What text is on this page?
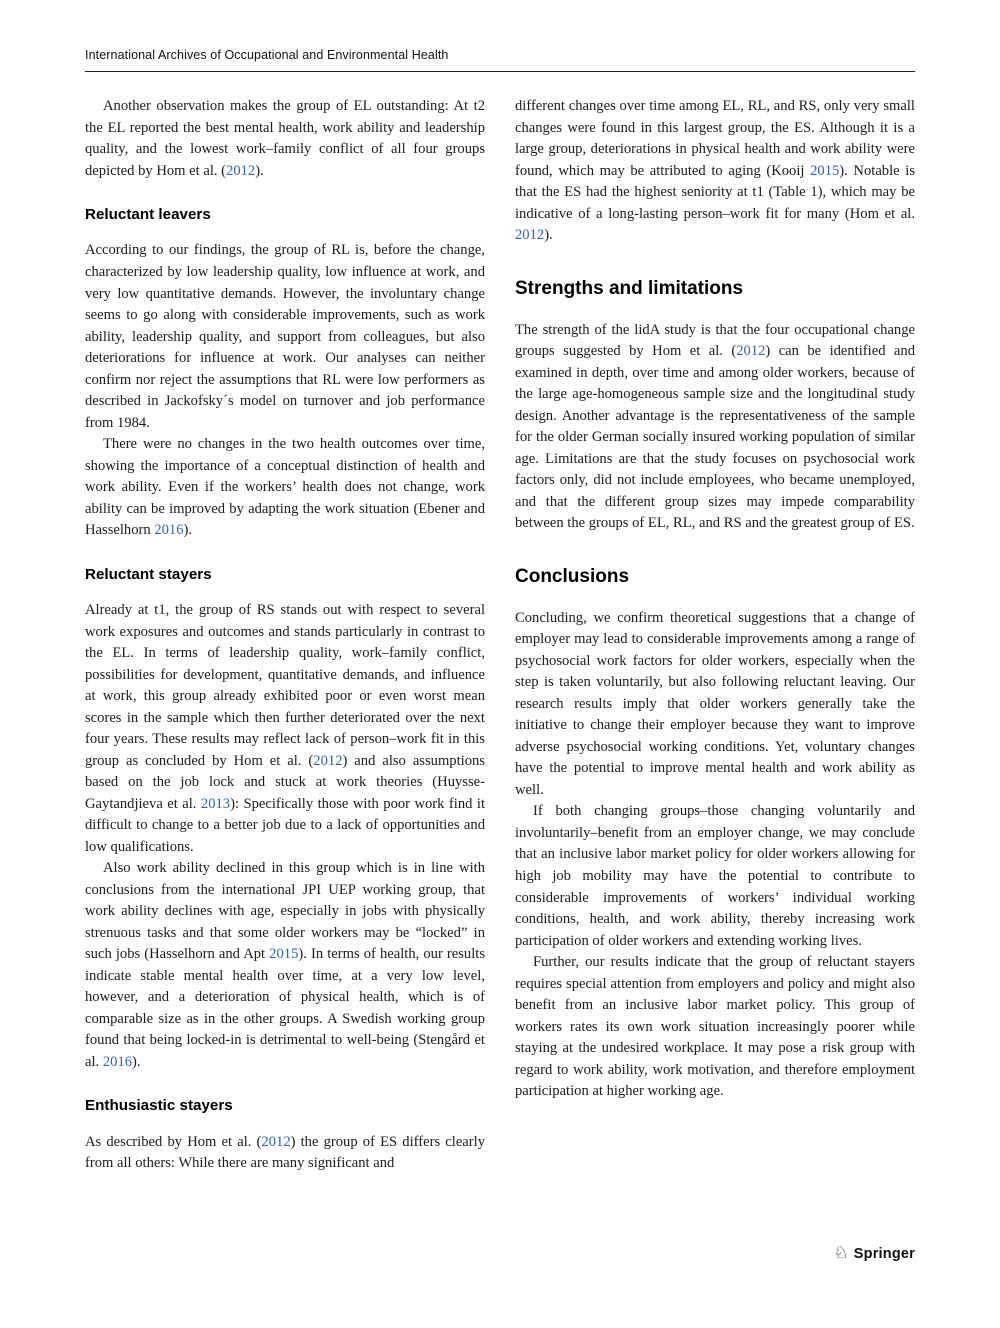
International Archives of Occupational and Environmental Health

Another observation makes the group of EL outstanding: At t2 the EL reported the best mental health, work ability and leadership quality, and the lowest work–family conflict of all four groups depicted by Hom et al. (2012).

Reluctant leavers

According to our findings, the group of RL is, before the change, characterized by low leadership quality, low influence at work, and very low quantitative demands. However, the involuntary change seems to go along with considerable improvements, such as work ability, leadership quality, and support from colleagues, but also deteriorations for influence at work. Our analyses can neither confirm nor reject the assumptions that RL were low performers as described in Jackofsky´s model on turnover and job performance from 1984.

There were no changes in the two health outcomes over time, showing the importance of a conceptual distinction of health and work ability. Even if the workers’ health does not change, work ability can be improved by adapting the work situation (Ebener and Hasselhorn 2016).

Reluctant stayers

Already at t1, the group of RS stands out with respect to several work exposures and outcomes and stands particularly in contrast to the EL. In terms of leadership quality, work–family conflict, possibilities for development, quantitative demands, and influence at work, this group already exhibited poor or even worst mean scores in the sample which then further deteriorated over the next four years. These results may reflect lack of person–work fit in this group as concluded by Hom et al. (2012) and also assumptions based on the job lock and stuck at work theories (Huysse-Gaytandjieva et al. 2013): Specifically those with poor work find it difficult to change to a better job due to a lack of opportunities and low qualifications.

Also work ability declined in this group which is in line with conclusions from the international JPI UEP working group, that work ability declines with age, especially in jobs with physically strenuous tasks and that some older workers may be “locked” in such jobs (Hasselhorn and Apt 2015). In terms of health, our results indicate stable mental health over time, at a very low level, however, and a deterioration of physical health, which is of comparable size as in the other groups. A Swedish working group found that being locked-in is detrimental to well-being (Stengård et al. 2016).

Enthusiastic stayers

As described by Hom et al. (2012) the group of ES differs clearly from all others: While there are many significant and

different changes over time among EL, RL, and RS, only very small changes were found in this largest group, the ES. Although it is a large group, deteriorations in physical health and work ability were found, which may be attributed to aging (Kooij 2015). Notable is that the ES had the highest seniority at t1 (Table 1), which may be indicative of a long-lasting person–work fit for many (Hom et al. 2012).

Strengths and limitations

The strength of the lidA study is that the four occupational change groups suggested by Hom et al. (2012) can be identified and examined in depth, over time and among older workers, because of the large age-homogeneous sample size and the longitudinal study design. Another advantage is the representativeness of the sample for the older German socially insured working population of similar age. Limitations are that the study focuses on psychosocial work factors only, did not include employees, who became unemployed, and that the different group sizes may impede comparability between the groups of EL, RL, and RS and the greatest group of ES.

Conclusions

Concluding, we confirm theoretical suggestions that a change of employer may lead to considerable improvements among a range of psychosocial work factors for older workers, especially when the step is taken voluntarily, but also following reluctant leaving. Our research results imply that older workers generally take the initiative to change their employer because they want to improve adverse psychosocial working conditions. Yet, voluntary changes have the potential to improve mental health and work ability as well.

If both changing groups–those changing voluntarily and involuntarily–benefit from an employer change, we may conclude that an inclusive labor market policy for older workers allowing for high job mobility may have the potential to contribute to considerable improvements of workers’ individual working conditions, health, and work ability, thereby increasing work participation of older workers and extending working lives.

Further, our results indicate that the group of reluctant stayers requires special attention from employers and policy and might also benefit from an inclusive labor market policy. This group of workers rates its own work situation increasingly poorer while staying at the undesired workplace. It may pose a risk group with regard to work ability, work motivation, and therefore employment participation at higher working age.

♘ Springer
